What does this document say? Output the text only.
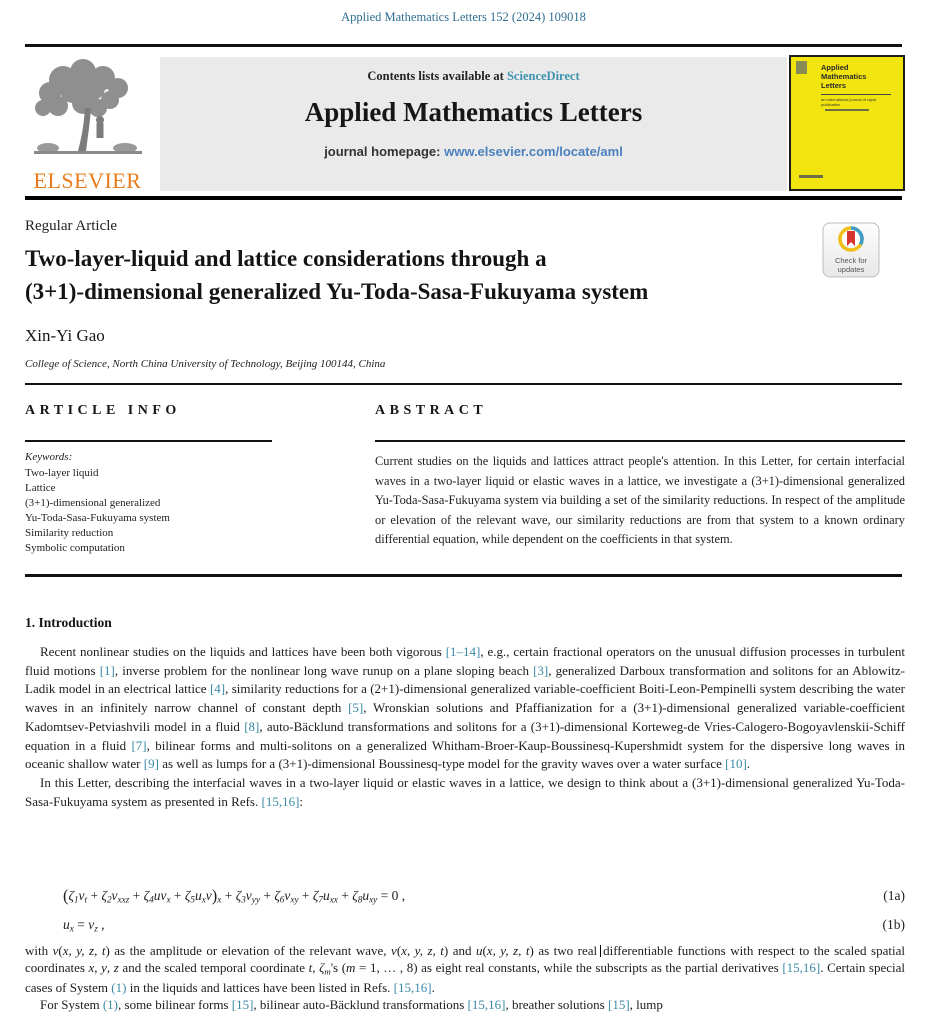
Applied Mathematics Letters 152 (2024) 109018
ELSEVIER
Contents lists available at ScienceDirect
Applied Mathematics Letters
journal homepage: www.elsevier.com/locate/aml
Applied Mathematics Letters
an international journal of rapid publication
Regular Article
Two-layer-liquid and lattice considerations through a
(3+1)-dimensional generalized Yu-Toda-Sasa-Fukuyama system
Check for
updates
Xin-Yi Gao
College of Science, North China University of Technology, Beijing 100144, China
ARTICLE INFO
Keywords:
Two-layer liquid
Lattice
(3+1)-dimensional generalized
Yu-Toda-Sasa-Fukuyama system
Similarity reduction
Symbolic computation
ABSTRACT
Current studies on the liquids and lattices attract people's attention. In this Letter, for certain interfacial waves in a two-layer liquid or elastic waves in a lattice, we investigate a (3+1)-dimensional generalized Yu-Toda-Sasa-Fukuyama system via building a set of the similarity reductions. In respect of the amplitude or elevation of the relevant wave, our similarity reductions are from that system to a known ordinary differential equation, while dependent on the coefficients in that system.
1. Introduction

Recent nonlinear studies on the liquids and lattices have been both vigorous [1–14], e.g., certain fractional operators on the unusual diffusion processes in turbulent fluid motions [1], inverse problem for the nonlinear long wave runup on a plane sloping beach [3], generalized Darboux transformation and solitons for an Ablowitz-Ladik model in an electrical lattice [4], similarity reductions for a (2+1)-dimensional generalized variable-coefficient Boiti-Leon-Pempinelli system describing the water waves in an infinitely narrow channel of constant depth [5], Wronskian solutions and Pfaffianization for a (3+1)-dimensional generalized variable-coefficient Kadomtsev-Petviashvili model in a fluid [8], auto-Bäcklund transformations and solitons for a (3+1)-dimensional Korteweg-de Vries-Calogero-Bogoyavlenskii-Schiff equation in a fluid [7], bilinear forms and multi-solitons on a generalized Whitham-Broer-Kaup-Boussinesq-Kupershmidt system for the dispersive long waves in oceanic shallow water [9] as well as lumps for a (3+1)-dimensional Boussinesq-type model for the gravity waves over a water surface [10].

In this Letter, describing the interfacial waves in a two-layer liquid or elastic waves in a lattice, we design to think about a (3+1)-dimensional generalized Yu-Toda-Sasa-Fukuyama system as presented in Refs. [15,16]:

$(\zeta_1v_t + \zeta_2v_{xxz} + \zeta_4uv_x + \zeta_5u_xv)_x + \zeta_3v_{yy} + \zeta_6v_{xy} + \zeta_7u_{xx} + \zeta_8u_{xy} = 0$ ,	(1a)
$u_x = v_z$ ,	(1b)

with v(x, y, z, t) as the amplitude or elevation of the relevant wave, v(x, y, z, t) and u(x, y, z, t) as two real differentiable functions with respect to the scaled spatial coordinates x, y, z and the scaled temporal coordinate t, $\zeta_m's$ (m = 1, … , 8) as eight real constants, while the subscripts as the partial derivatives [15,16]. Certain special cases of System (1) in the liquids and lattices have been listed in Refs. [15,16].

For System (1), some bilinear forms [15], bilinear auto-Bäcklund transformations [15,16], breather solutions [15], lump
